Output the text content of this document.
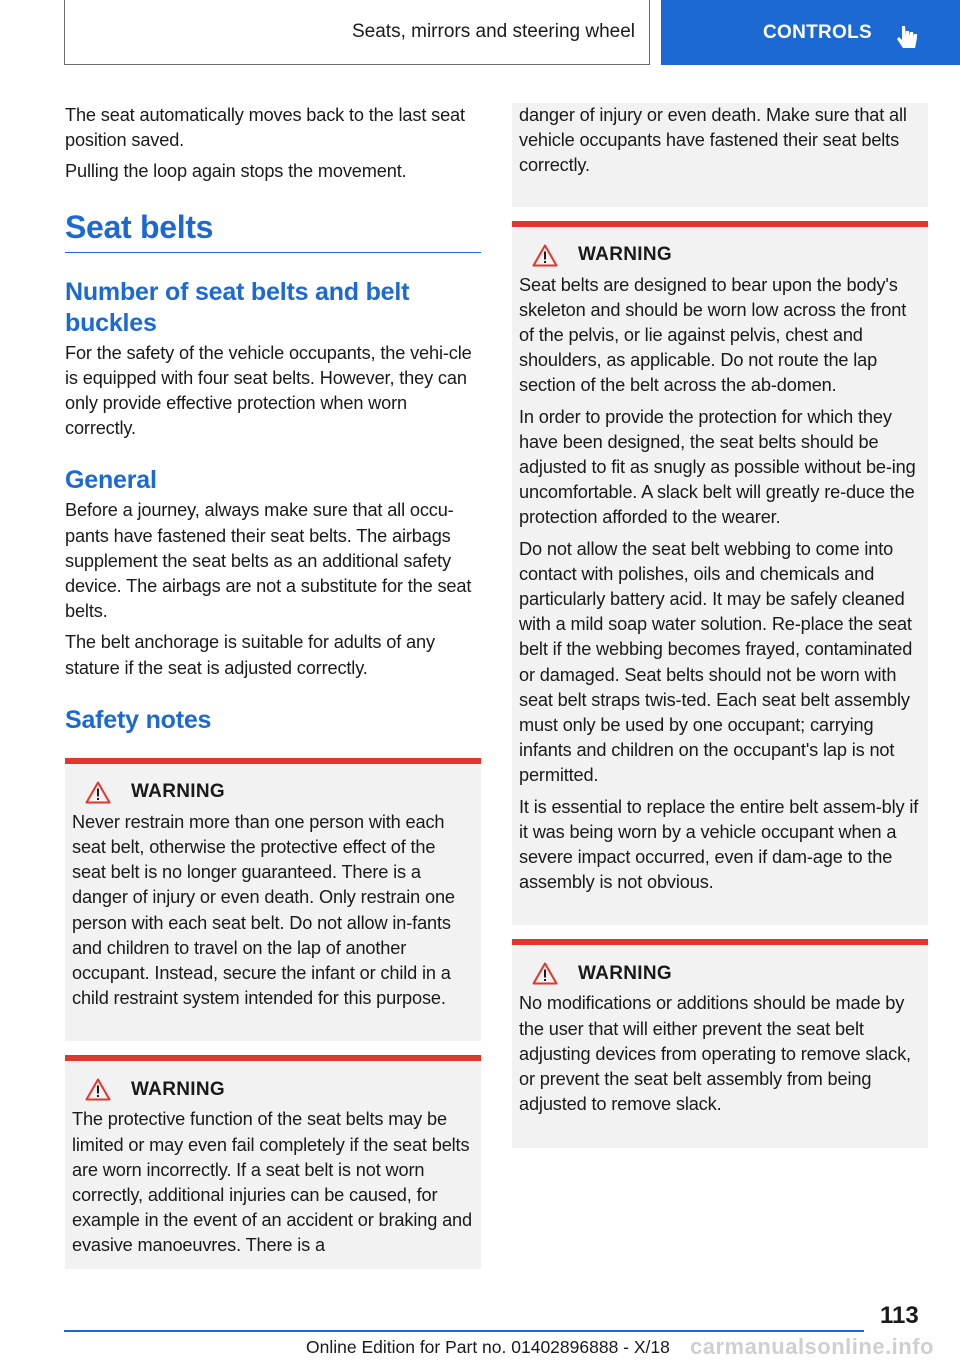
Seats, mirrors and steering wheel	CONTROLS

The seat automatically moves back to the last seat position saved.

Pulling the loop again stops the movement.

Seat belts
Number of seat belts and belt buckles

For the safety of the vehicle occupants, the vehi-cle is equipped with four seat belts. However, they can only provide effective protection when worn correctly.

General

Before a journey, always make sure that all occu-pants have fastened their seat belts. The airbags supplement the seat belts as an additional safety device. The airbags are not a substitute for the seat belts.

The belt anchorage is suitable for adults of any stature if the seat is adjusted correctly.

Safety notes
WARNING

Never restrain more than one person with each seat belt, otherwise the protective effect of the seat belt is no longer guaranteed. There is a danger of injury or even death. Only restrain one person with each seat belt. Do not allow in-fants and children to travel on the lap of another occupant. Instead, secure the infant or child in a child restraint system intended for this purpose.

WARNING

The protective function of the seat belts may be limited or may even fail completely if the seat belts are worn incorrectly. If a seat belt is not worn correctly, additional injuries can be caused, for example in the event of an accident or braking and evasive manoeuvres. There is a

danger of injury or even death. Make sure that all vehicle occupants have fastened their seat belts correctly.

WARNING

Seat belts are designed to bear upon the body's skeleton and should be worn low across the front of the pelvis, or lie against pelvis, chest and shoulders, as applicable. Do not route the lap section of the belt across the ab-domen.

In order to provide the protection for which they have been designed, the seat belts should be adjusted to fit as snugly as possible without be-ing uncomfortable. A slack belt will greatly re-duce the protection afforded to the wearer.

Do not allow the seat belt webbing to come into contact with polishes, oils and chemicals and particularly battery acid. It may be safely cleaned with a mild soap water solution. Re-place the seat belt if the webbing becomes frayed, contaminated or damaged. Seat belts should not be worn with seat belt straps twis-ted. Each seat belt assembly must only be used by one occupant; carrying infants and children on the occupant's lap is not permitted.

It is essential to replace the entire belt assem-bly if it was being worn by a vehicle occupant when a severe impact occurred, even if dam-age to the assembly is not obvious.

WARNING

No modifications or additions should be made by the user that will either prevent the seat belt adjusting devices from operating to remove slack, or prevent the seat belt assembly from being adjusted to remove slack.

113
Online Edition for Part no. 01402896888 - X/18 carmanualsonline.info
